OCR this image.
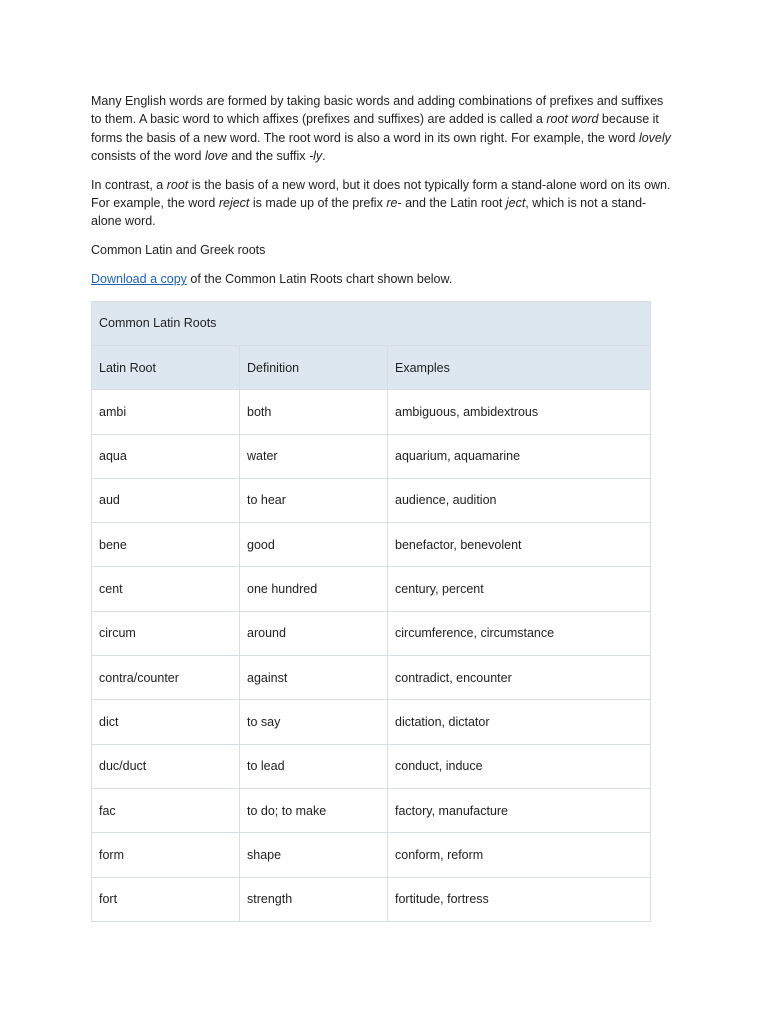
Many English words are formed by taking basic words and adding combinations of prefixes and suffixes to them. A basic word to which affixes (prefixes and suffixes) are added is called a root word because it forms the basis of a new word. The root word is also a word in its own right. For example, the word lovely consists of the word love and the suffix -ly.

In contrast, a root is the basis of a new word, but it does not typically form a stand-alone word on its own. For example, the word reject is made up of the prefix re- and the Latin root ject, which is not a stand-alone word.

Common Latin and Greek roots

Download a copy of the Common Latin Roots chart shown below.

Common Latin Roots		
Latin Root	Definition	Examples
ambi	both	ambiguous, ambidextrous
aqua	water	aquarium, aquamarine
aud	to hear	audience, audition
bene	good	benefactor, benevolent
cent	one hundred	century, percent
circum	around	circumference, circumstance
contra/counter	against	contradict, encounter
dict	to say	dictation, dictator
duc/duct	to lead	conduct, induce
fac	to do; to make	factory, manufacture
form	shape	conform, reform
fort	strength	fortitude, fortress
